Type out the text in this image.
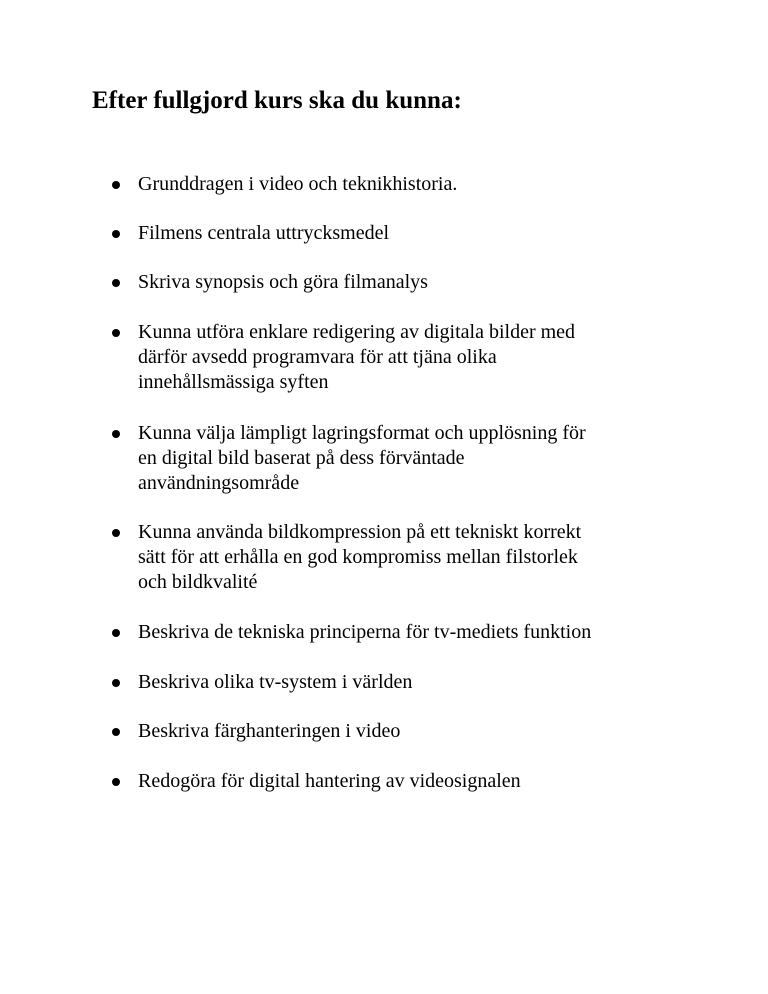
Efter fullgjord kurs ska du kunna:
Grunddragen i video och teknikhistoria.
Filmens centrala uttrycksmedel
Skriva synopsis och göra filmanalys
Kunna utföra enklare redigering av digitala bilder med
därför avsedd programvara för att tjäna olika
innehållsmässiga syften
Kunna välja lämpligt lagringsformat och upplösning för
en digital bild baserat på dess förväntade
användningsområde
Kunna använda bildkompression på ett tekniskt korrekt
sätt för att erhålla en god kompromiss mellan filstorlek
och bildkvalité
Beskriva de tekniska principerna för tv-mediets funktion
Beskriva olika tv-system i världen
Beskriva färghanteringen i video
Redogöra för digital hantering av videosignalen
